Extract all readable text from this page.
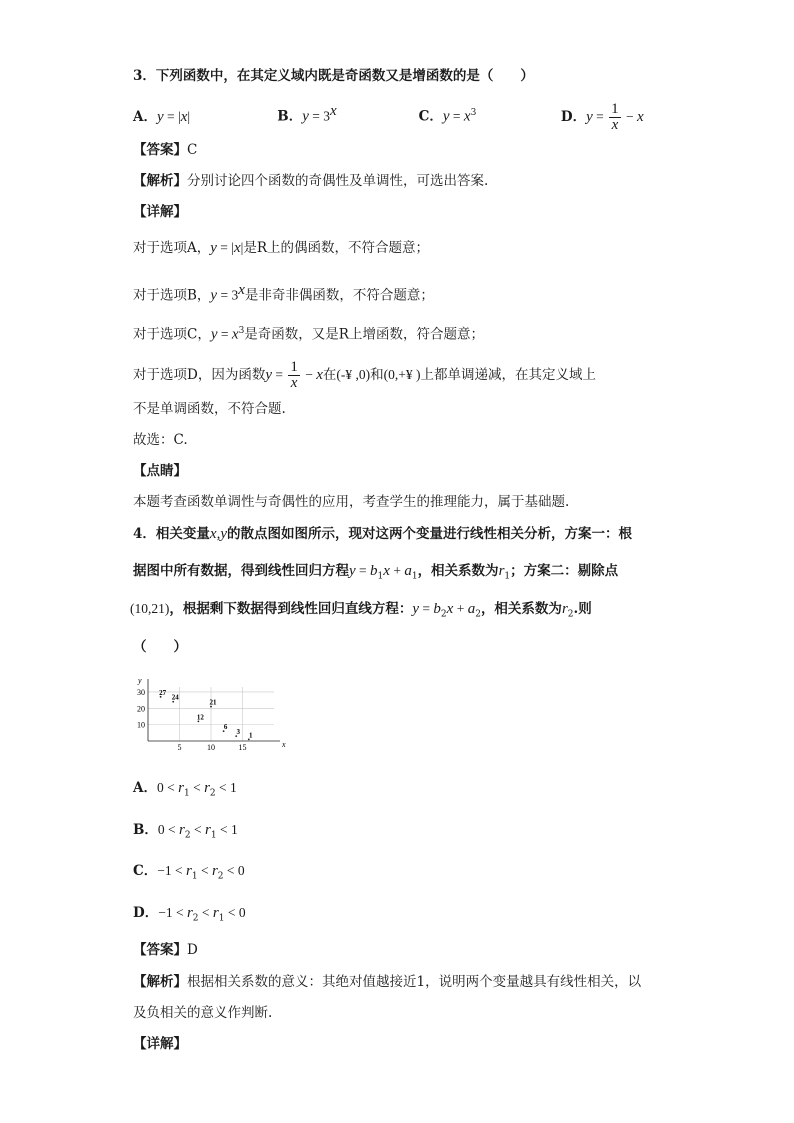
3．下列函数中，在其定义域内既是奇函数又是增函数的是（　　）
A．y = |x|	B．$y = 3^x$	C．$y = x^3$	D．$y = \frac{1}{x} - x$
【答案】C
【解析】分别讨论四个函数的奇偶性及单调性，可选出答案.
【详解】
对于选项A，y = |x|是R上的偶函数，不符合题意；
对于选项B，$y = 3^x$是非奇非偶函数，不符合题意；
对于选项C，$y = x^3$是奇函数，又是R上增函数，符合题意；
对于选项D，因为函数$y = \frac{1}{x} - x$在(-¥ ,0)和(0,+¥ )上都单调递减，在其定义域上
不是单调函数，不符合题.
故选：C.
【点睛】
本题考查函数单调性与奇偶性的应用，考查学生的推理能力，属于基础题.
4．相关变量x,y的散点图如图所示，现对这两个变量进行线性相关分析，方案一：根
据图中所有数据，得到线性回归方程$y = b_1x + a_1$，相关系数为$r_1$；方案二：剔除点
(10,21)，根据剩下数据得到线性回归直线方程：$y = b_2x + a_2$，相关系数为$r_2$.则
（　　）
x
y
5	10	15
10
20
30 27
24
12
21
6
3 1
A．$0 < r_1 < r_2 < 1$
B．$0 < r_2 < r_1 < 1$
C．$-1 < r_1 < r_2 < 0$
D．$-1 < r_2 < r_1 < 0$
【答案】D
【解析】根据相关系数的意义：其绝对值越接近1，说明两个变量越具有线性相关，以
及负相关的意义作判断.
【详解】
